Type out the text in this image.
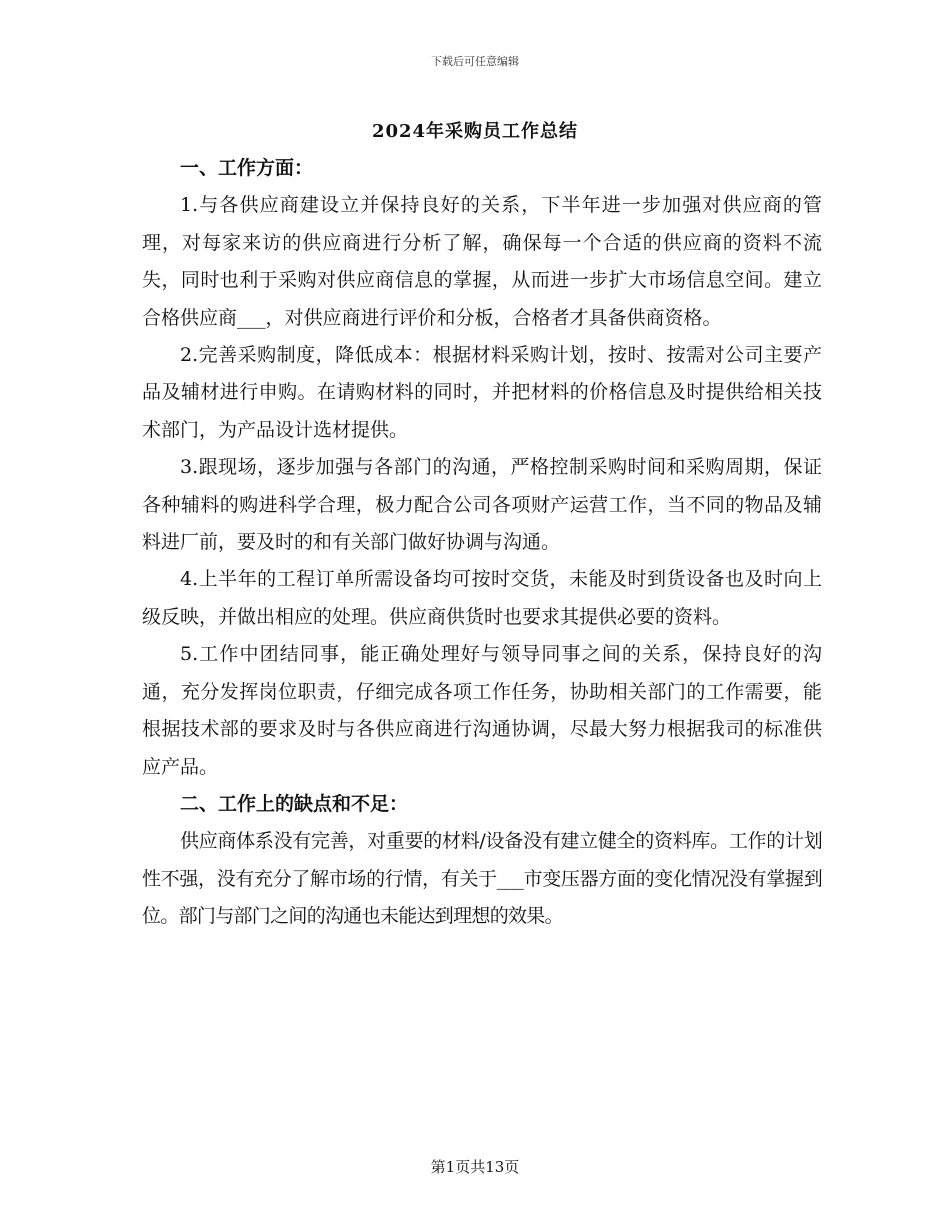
下载后可任意编辑
2024年采购员工作总结

一、工作方面：

1.与各供应商建设立并保持良好的关系，下半年进一步加强对供应商的管理，对每家来访的供应商进行分析了解，确保每一个合适的供应商的资料不流失，同时也利于采购对供应商信息的掌握，从而进一步扩大市场信息空间。建立合格供应商___，对供应商进行评价和分板，合格者才具备供商资格。

2.完善采购制度，降低成本：根据材料采购计划，按时、按需对公司主要产品及辅材进行申购。在请购材料的同时，并把材料的价格信息及时提供给相关技术部门，为产品设计选材提供。

3.跟现场，逐步加强与各部门的沟通，严格控制采购时间和采购周期，保证各种辅料的购进科学合理，极力配合公司各项财产运营工作，当不同的物品及辅料进厂前，要及时的和有关部门做好协调与沟通。

4.上半年的工程订单所需设备均可按时交货，未能及时到货设备也及时向上级反映，并做出相应的处理。供应商供货时也要求其提供必要的资料。

5.工作中团结同事，能正确处理好与领导同事之间的关系，保持良好的沟通，充分发挥岗位职责，仔细完成各项工作任务，协助相关部门的工作需要，能根据技术部的要求及时与各供应商进行沟通协调，尽最大努力根据我司的标准供应产品。

二、工作上的缺点和不足：

供应商体系没有完善，对重要的材料/设备没有建立健全的资料库。工作的计划性不强，没有充分了解市场的行情，有关于___市变压器方面的变化情况没有掌握到位。部门与部门之间的沟通也未能达到理想的效果。

第1页共13页
